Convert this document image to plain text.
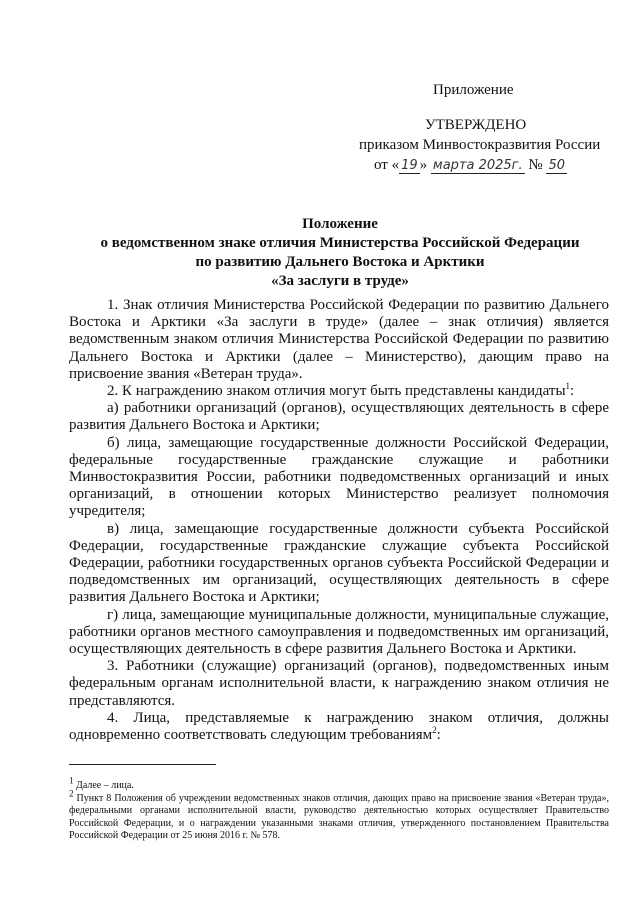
Приложение
УТВЕРЖДЕНО
приказом Минвостокразвития России
от « 19 » марта 2025г. № 50
Положение
о ведомственном знаке отличия Министерства Российской Федерации
по развитию Дальнего Востока и Арктики
«За заслуги в труде»

1. Знак отличия Министерства Российской Федерации по развитию Дальнего Востока и Арктики «За заслуги в труде» (далее – знак отличия) является ведомственным знаком отличия Министерства Российской Федерации по развитию Дальнего Востока и Арктики (далее – Министерство), дающим право на присвоение звания «Ветеран труда».

2. К награждению знаком отличия могут быть представлены кандидаты$^1$:

а) работники организаций (органов), осуществляющих деятельность в сфере развития Дальнего Востока и Арктики;

б) лица, замещающие государственные должности Российской Федерации, федеральные государственные гражданские служащие и работники Минвостокразвития России, работники подведомственных организаций и иных организаций, в отношении которых Министерство реализует полномочия учредителя;

в) лица, замещающие государственные должности субъекта Российской Федерации, государственные гражданские служащие субъекта Российской Федерации, работники государственных органов субъекта Российской Федерации и подведомственных им организаций, осуществляющих деятельность в сфере развития Дальнего Востока и Арктики;

г) лица, замещающие муниципальные должности, муниципальные служащие, работники органов местного самоуправления и подведомственных им организаций, осуществляющих деятельность в сфере развития Дальнего Востока и Арктики.

3. Работники (служащие) организаций (органов), подведомственных иным федеральным органам исполнительной власти, к награждению знаком отличия не представляются.

4. Лица, представляемые к награждению знаком отличия, должны одновременно соответствовать следующим требованиям$^2$:

$^1$ Далее – лица.

$^2$ Пункт 8 Положения об учреждении ведомственных знаков отличия, дающих право на присвоение звания «Ветеран труда», федеральными органами исполнительной власти, руководство деятельностью которых осуществляет Правительство Российской Федерации, и о награждении указанными знаками отличия, утвержденного постановлением Правительства Российской Федерации от 25 июня 2016 г. № 578.
